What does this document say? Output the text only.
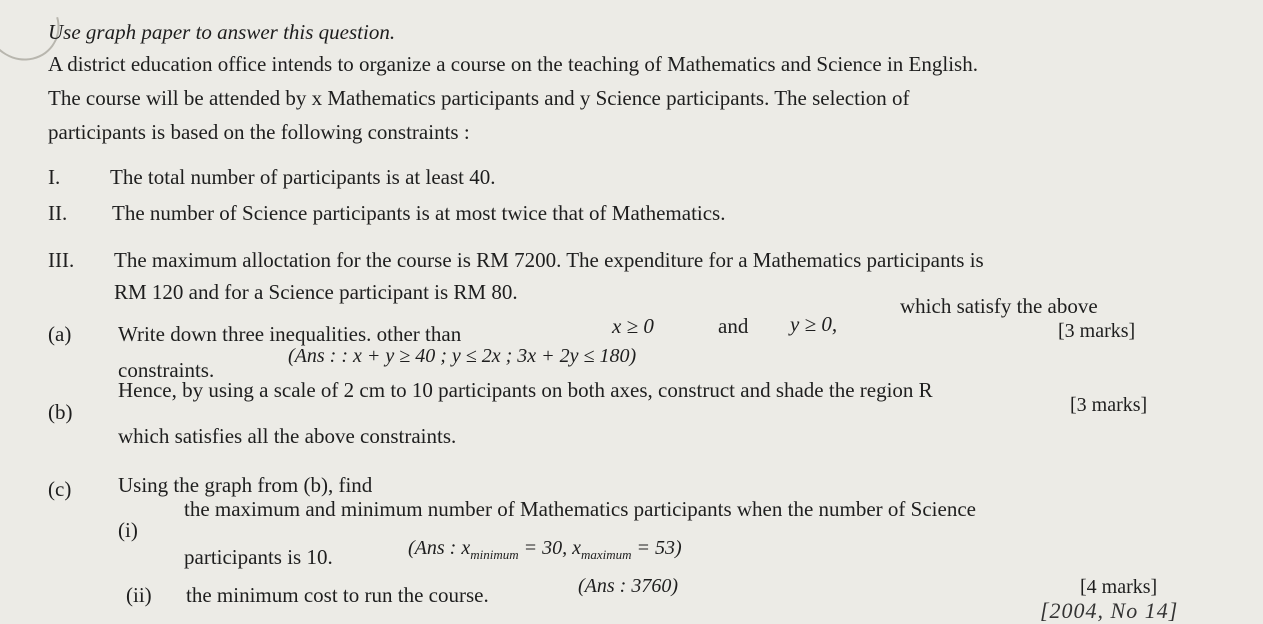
Use graph paper to answer this question.
A district education office intends to organize a course on the teaching of Mathematics and Science in English.
The course will be attended by x Mathematics participants and y Science participants. The selection of
participants is based on the following constraints :
I. The total number of participants is at least 40.
II. The number of Science participants is at most twice that of Mathematics.
III. The maximum alloctation for the course is RM 7200. The expenditure for a Mathematics participants is
RM 120 and for a Science participant is RM 80.
(a) Write down three inequalities. other than	x ≥ 0	and y ≥ 0,
which satisfy the above
[3 marks]
constraints.
(Ans : : x + y ≥ 40 ; y ≤ 2x ; 3x + 2y ≤ 180)
(b)
Hence, by using a scale of 2 cm to 10 participants on both axes, construct and shade the region R
[3 marks]
which satisfies all the above constraints.
(c) Using the graph from (b), find
(i)
the maximum and minimum number of Mathematics participants when the number of Science
participants is 10.	(Ans : $x_{minimum} = 30$, $x_{maximum} = 53$)
(ii) the minimum cost to run the course.	(Ans : 3760)	[4 marks]
[2004, No 14]
